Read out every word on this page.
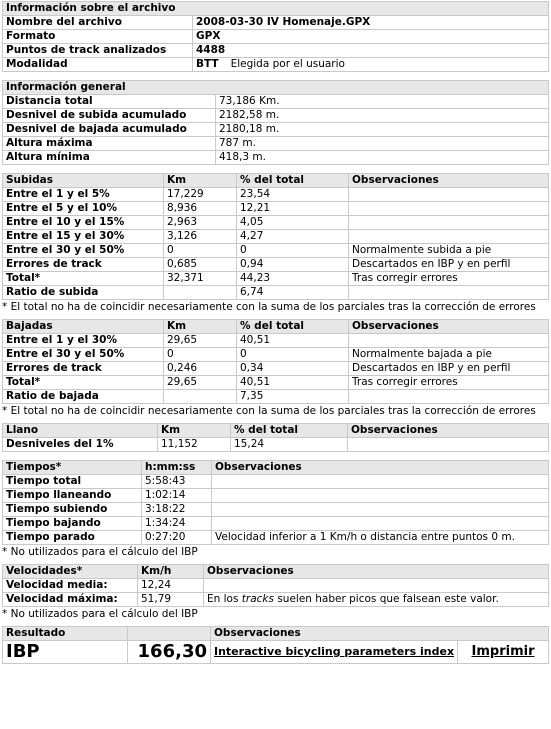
Información sobre el archivo	
Nombre del archivo	2008-03-30 IV Homenaje.GPX
Formato	GPX
Puntos de track analizados	4488
Modalidad	BTT Elegida por el usuario
Información general	
Distancia total	73,186 Km.
Desnivel de subida acumulado	2182,58 m.
Desnivel de bajada acumulado	2180,18 m.
Altura máxima	787 m.
Altura mínima	418,3 m.
Subidas	Km	% del total	Observaciones
Entre el 1 y el 5%	17,229	23,54	
Entre el 5 y el 10%	8,936	12,21	
Entre el 10 y el 15%	2,963	4,05	
Entre el 15 y el 30%	3,126	4,27	
Entre el 30 y el 50%	0	0	Normalmente subida a pie
Errores de track	0,685	0,94	Descartados en IBP y en perfil
Total*	32,371	44,23	Tras corregir errores
Ratio de subida		6,74	
* El total no ha de coincidir necesariamente con la suma de los parciales tras la corrección de errores
Bajadas	Km	% del total	Observaciones
Entre el 1 y el 30%	29,65	40,51	
Entre el 30 y el 50%	0	0	Normalmente bajada a pie
Errores de track	0,246	0,34	Descartados en IBP y en perfil
Total*	29,65	40,51	Tras corregir errores
Ratio de bajada		7,35	
* El total no ha de coincidir necesariamente con la suma de los parciales tras la corrección de errores
Llano	Km	% del total	Observaciones
Desniveles del 1%	11,152	15,24	
Tiempos*	h:mm:ss	Observaciones
Tiempo total	5:58:43	
Tiempo llaneando	1:02:14	
Tiempo subiendo	3:18:22	
Tiempo bajando	1:34:24	
Tiempo parado	0:27:20	Velocidad inferior a 1 Km/h o distancia entre puntos 0 m.
* No utilizados para el cálculo del IBP
Velocidades*	Km/h	Observaciones
Velocidad media:	12,24	
Velocidad máxima:	51,79	En los tracks suelen haber picos que falsean este valor.
* No utilizados para el cálculo del IBP
Resultado		Observaciones	
IBP	166,30	Interactive bicycling parameters index	Imprimir
